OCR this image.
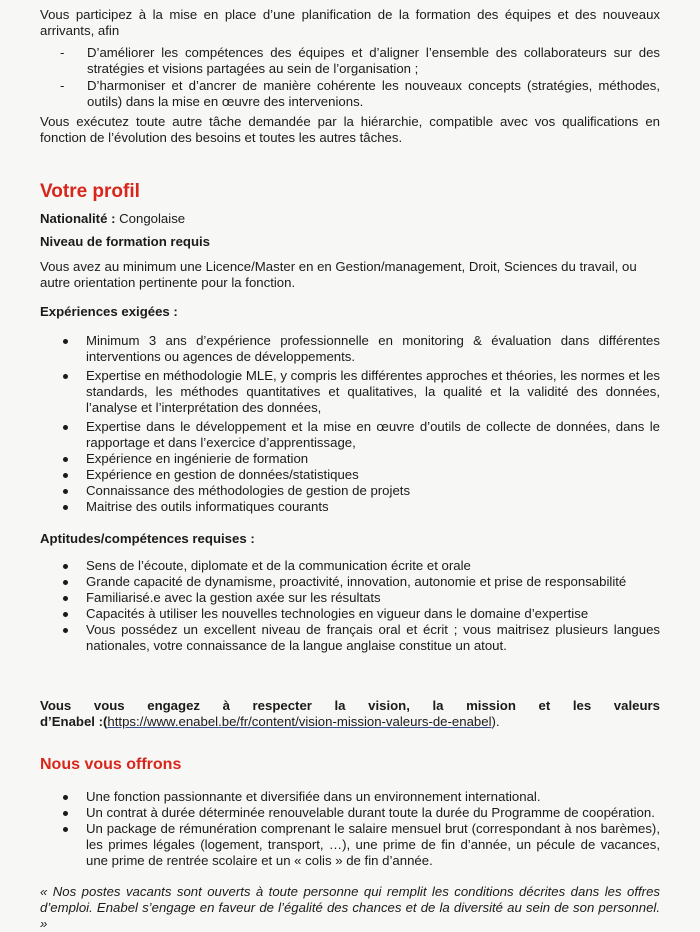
Vous participez à la mise en place d’une planification de la formation des équipes et des nouveaux arrivants, afin

- D’améliorer les compétences des équipes et d’aligner l’ensemble des collaborateurs sur des stratégies et visions partagées au sein de l’organisation ;
- D’harmoniser et d’ancrer de manière cohérente les nouveaux concepts (stratégies, méthodes, outils) dans la mise en œuvre des intervenions.

Vous exécutez toute autre tâche demandée par la hiérarchie, compatible avec vos qualifications en fonction de l’évolution des besoins et toutes les autres tâches.

Votre profil

Nationalité : Congolaise

Niveau de formation requis

Vous avez au minimum une Licence/Master en en Gestion/management, Droit, Sciences du travail, ou autre orientation pertinente pour la fonction.

Expériences exigées :

Minimum 3 ans d’expérience professionnelle en monitoring & évaluation dans différentes interventions ou agences de développements.
Expertise en méthodologie MLE, y compris les différentes approches et théories, les normes et les standards, les méthodes quantitatives et qualitatives, la qualité et la validité des données, l’analyse et l’interprétation des données,
Expertise dans le développement et la mise en œuvre d’outils de collecte de données, dans le rapportage et dans l’exercice d’apprentissage,
Expérience en ingénierie de formation
Expérience en gestion de données/statistiques
Connaissance des méthodologies de gestion de projets
Maitrise des outils informatiques courants

Aptitudes/compétences requises :

Sens de l’écoute, diplomate et de la communication écrite et orale
Grande capacité de dynamisme, proactivité, innovation, autonomie et prise de responsabilité
Familiarisé.e avec la gestion axée sur les résultats
Capacités à utiliser les nouvelles technologies en vigueur dans le domaine d’expertise
Vous possédez un excellent niveau de français oral et écrit ; vous maitrisez plusieurs langues nationales, votre connaissance de la langue anglaise constitue un atout.
Vous vous engagez à respecter la vision, la mission et les valeurs
d’Enabel :(https://www.enabel.be/fr/content/vision-mission-valeurs-de-enabel).
Nous vous offrons
Une fonction passionnante et diversifiée dans un environnement international.
Un contrat à durée déterminée renouvelable durant toute la durée du Programme de coopération.
Un package de rémunération comprenant le salaire mensuel brut (correspondant à nos barèmes), les primes légales (logement, transport, …), une prime de fin d’année, un pécule de vacances, une prime de rentrée scolaire et un « colis » de fin d’année.

« Nos postes vacants sont ouverts à toute personne qui remplit les conditions décrites dans les offres d’emploi. Enabel s’engage en faveur de l’égalité des chances et de la diversité au sein de son personnel. »
